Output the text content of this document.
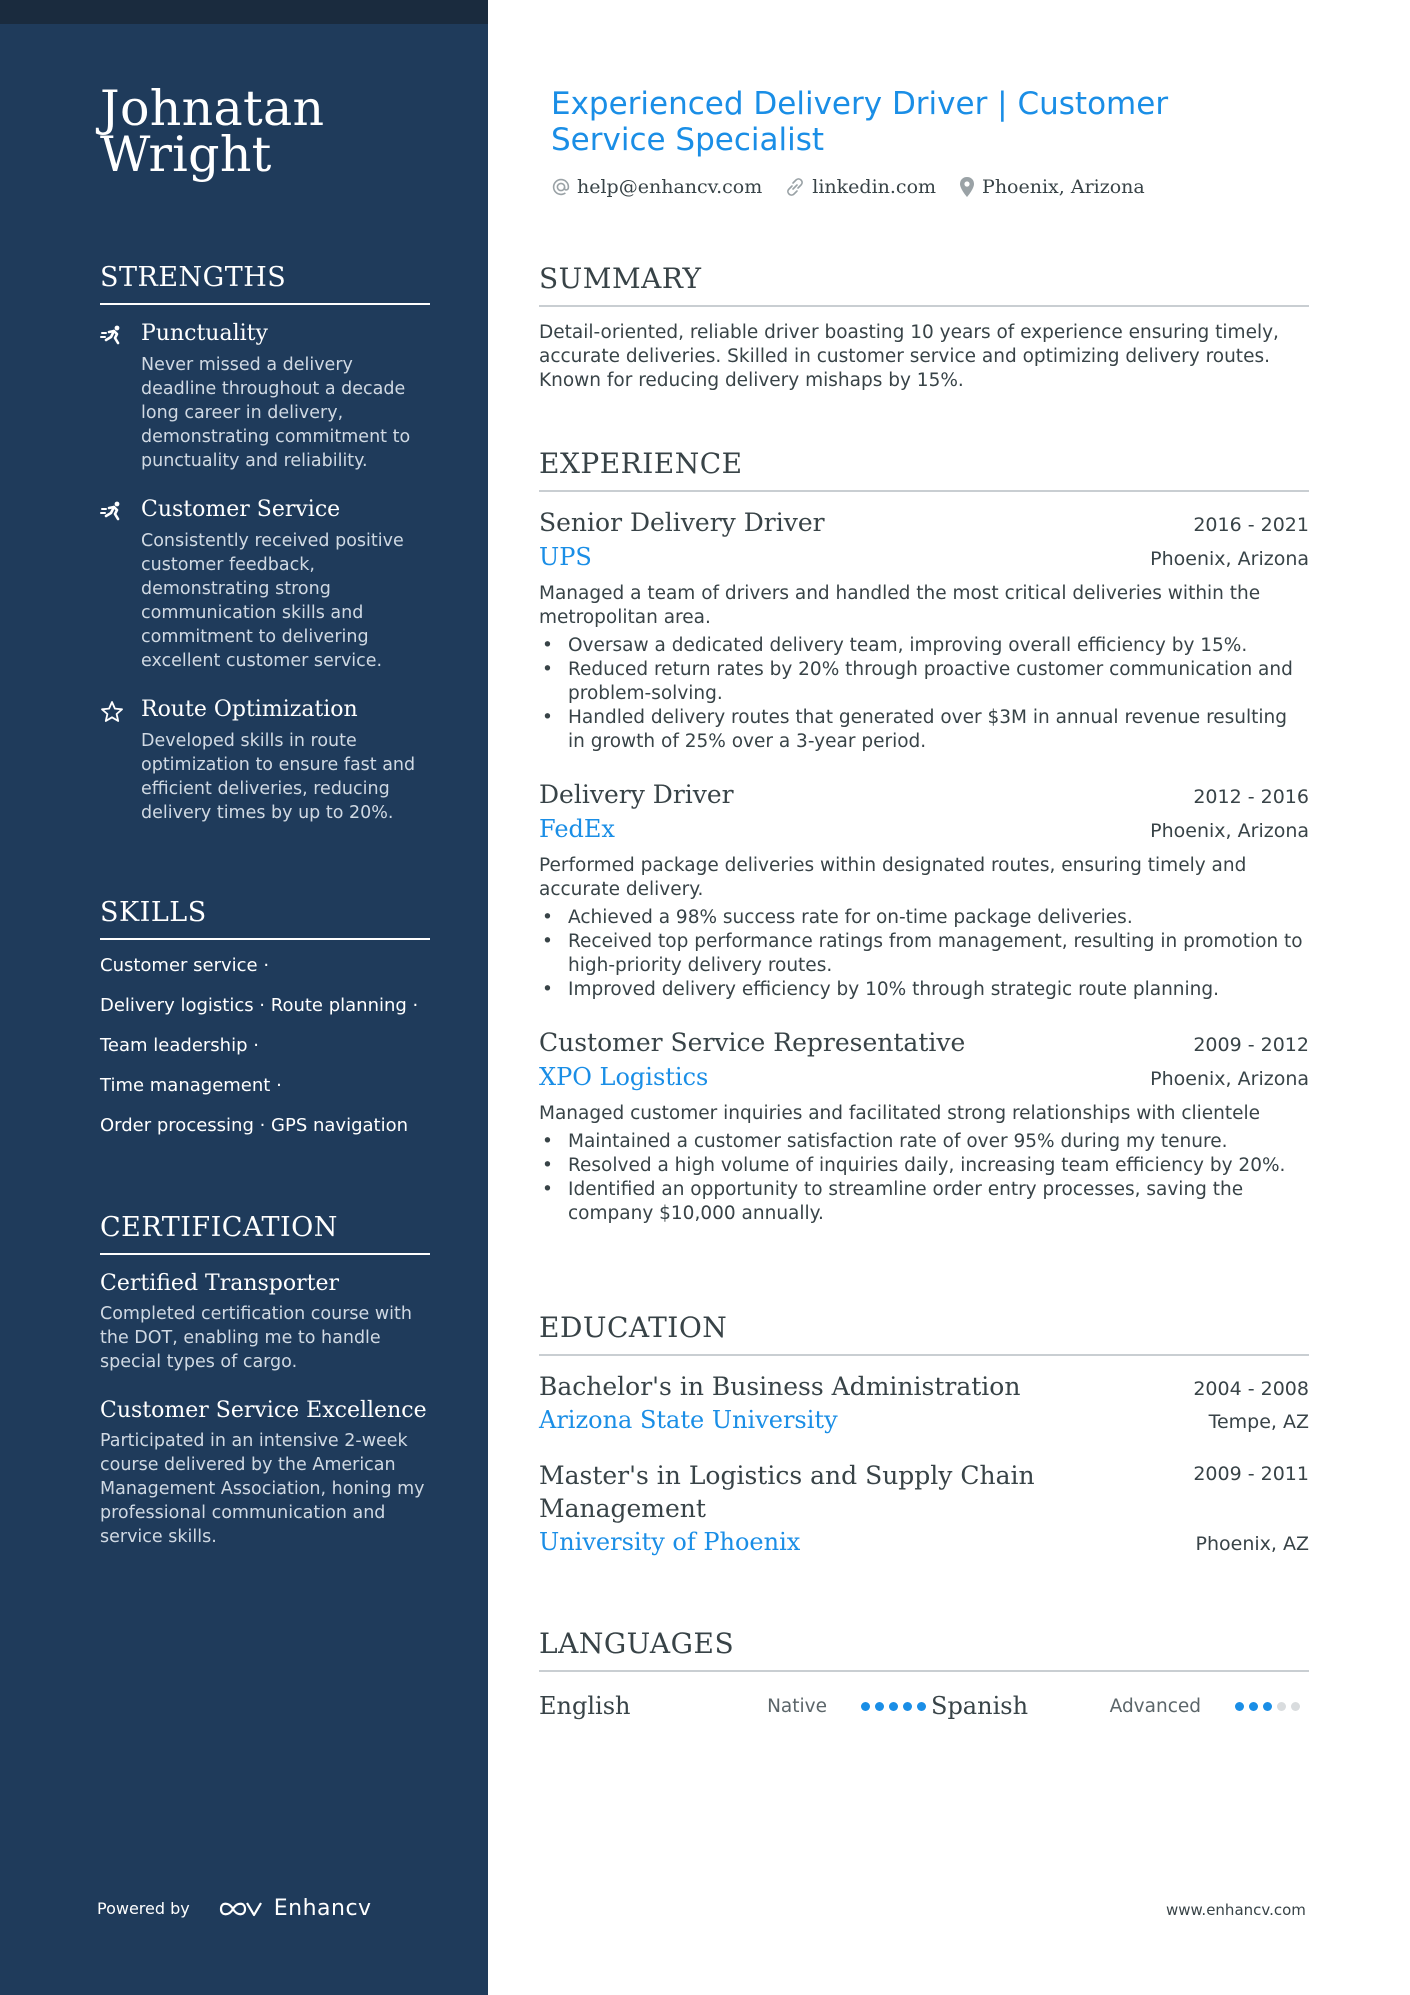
Johnatan Wright
STRENGTHS
Punctuality
Never missed a delivery deadline throughout a decade long career in delivery, demonstrating commitment to punctuality and reliability.
Customer Service
Consistently received positive customer feedback, demonstrating strong communication skills and commitment to delivering excellent customer service.
Route Optimization
Developed skills in route optimization to ensure fast and efficient deliveries, reducing delivery times by up to 20%.
SKILLS
Customer service ·
Delivery logistics · Route planning ·
Team leadership ·
Time management ·
Order processing · GPS navigation
CERTIFICATION
Certified Transporter
Completed certification course with the DOT, enabling me to handle special types of cargo.
Customer Service Excellence
Participated in an intensive 2-week course delivered by the American Management Association, honing my professional communication and service skills.
Powered by	Enhancv
Experienced Delivery Driver | Customer Service Specialist
help@enhancv.com	linkedin.com Phoenix, Arizona
SUMMARY
Detail-oriented, reliable driver boasting 10 years of experience ensuring timely, accurate deliveries. Skilled in customer service and optimizing delivery routes. Known for reducing delivery mishaps by 15%.
EXPERIENCE
Senior Delivery Driver	2016 - 2021
UPS	Phoenix, Arizona
Managed a team of drivers and handled the most critical deliveries within the metropolitan area.
• Oversaw a dedicated delivery team, improving overall efficiency by 15%.
• Reduced return rates by 20% through proactive customer communication and problem-solving.
• Handled delivery routes that generated over $3M in annual revenue resulting in growth of 25% over a 3-year period.
Delivery Driver	2012 - 2016
FedEx	Phoenix, Arizona
Performed package deliveries within designated routes, ensuring timely and accurate delivery.
• Achieved a 98% success rate for on-time package deliveries.
• Received top performance ratings from management, resulting in promotion to high-priority delivery routes.
• Improved delivery efficiency by 10% through strategic route planning.
Customer Service Representative	2009 - 2012
XPO Logistics	Phoenix, Arizona
Managed customer inquiries and facilitated strong relationships with clientele
• Maintained a customer satisfaction rate of over 95% during my tenure.
• Resolved a high volume of inquiries daily, increasing team efficiency by 20%.
• Identified an opportunity to streamline order entry processes, saving the company $10,000 annually.
EDUCATION
Bachelor's in Business Administration	2004 - 2008
Arizona State University	Tempe, AZ
Master's in Logistics and Supply Chain Management
2009 - 2011
University of Phoenix	Phoenix, AZ
LANGUAGES
English	Native	Spanish	Advanced
www.enhancv.com
